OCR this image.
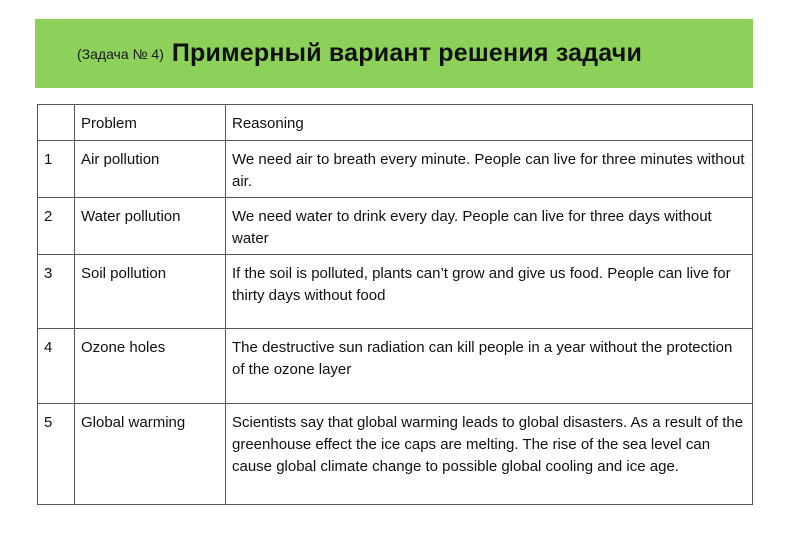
(Задача № 4) Примерный вариант решения задачи
	Problem	Reasoning
1	Air pollution	We need air to breath every minute. People can live for three minutes without air.
2	Water pollution	We need water to drink every day. People can live for three days without water
3	Soil pollution	If the soil is polluted, plants can’t grow and give us food. People can live for thirty days without food
4	Ozone holes	The destructive sun radiation can kill people in a year without the protection of the ozone layer
5	Global warming	Scientists say that global warming leads to global disasters. As a result of the greenhouse effect the ice caps are melting. The rise of the sea level can cause global climate change to possible global cooling and ice age.
